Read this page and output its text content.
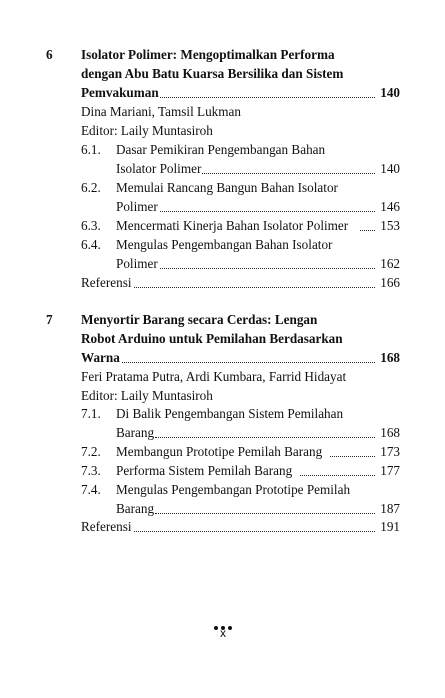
6 Isolator Polimer: Mengoptimalkan Performa
dengan Abu Batu Kuarsa Bersilika dan Sistem
Pemvakuman	140
Dina Mariani, Tamsil Lukman
Editor: Laily Muntasiroh
6.1. Dasar Pemikiran Pengembangan Bahan
Isolator Polimer	140
6.2. Memulai Rancang Bangun Bahan Isolator
Polimer	146
6.3. Mencermati Kinerja Bahan Isolator Polimer 153
6.4. Mengulas Pengembangan Bahan Isolator
Polimer	162
Referensi	166
7 Menyortir Barang secara Cerdas: Lengan
Robot Arduino untuk Pemilahan Berdasarkan
Warna	168
Feri Pratama Putra, Ardi Kumbara, Farrid Hidayat
Editor: Laily Muntasiroh
7.1. Di Balik Pengembangan Sistem Pemilahan
Barang	168
7.2. Membangun Prototipe Pemilah Barang	173
7.3. Performa Sistem Pemilah Barang	177
7.4. Mengulas Pengembangan Prototipe Pemilah
Barang	187
Referensi	191
x
